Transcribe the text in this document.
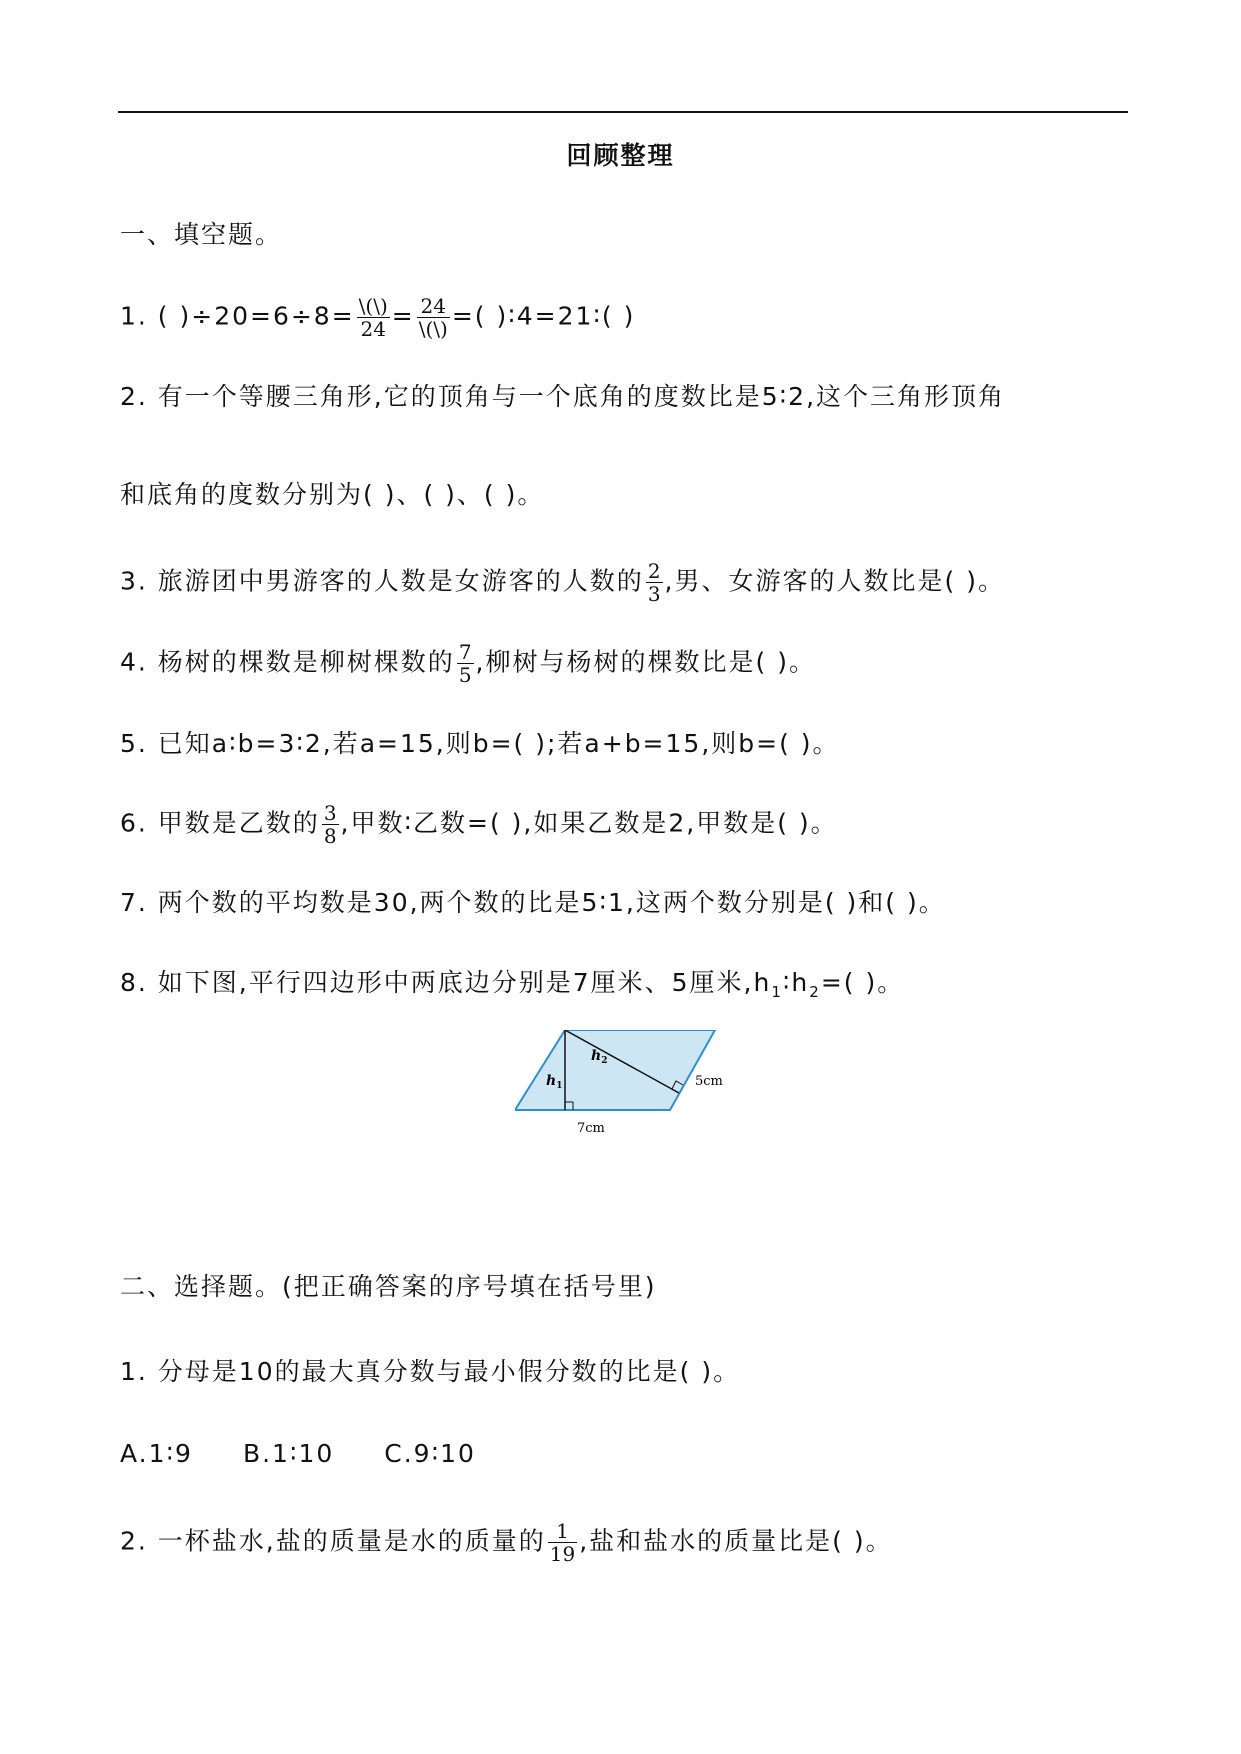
回顾整理
一、填空题。
1. ( )$\div 20=6\div 8= \frac{\backslash(\backslash)}{24} = \frac{24}{\backslash(\backslash)}$ =( )∶4=21∶( )
2. 有一个等腰三角形,它的顶角与一个底角的度数比是5∶2,这个三角形顶角
和底角的度数分别为( )、( )、( )。
3. 旅游团中男游客的人数是女游客的人数的 $\frac{2}{3}$ ,男、女游客的人数比是( )。
4. 杨树的棵数是柳树棵数的 $\frac{7}{5}$ ,柳树与杨树的棵数比是( )。
5. 已知a∶b=3∶2,若a=15,则b=( );若a+b=15,则b=( )。
6. 甲数是乙数的 $\frac{3}{8}$ ,甲数∶乙数=( ),如果乙数是2,甲数是( )。
7. 两个数的平均数是30,两个数的比是5∶1,这两个数分别是( )和( )。
8. 如下图,平行四边形中两底边分别是7厘米、5厘米$,h_1∶h_2=$( )。
$h_1$
$h_2$
5cm
7cm
二、选择题。(把正确答案的序号填在括号里)
1. 分母是10的最大真分数与最小假分数的比是( )。
A.1∶9 B.1∶10 C.9∶10
2. 一杯盐水,盐的质量是水的质量的 $\frac{1}{19}$ ,盐和盐水的质量比是( )。
